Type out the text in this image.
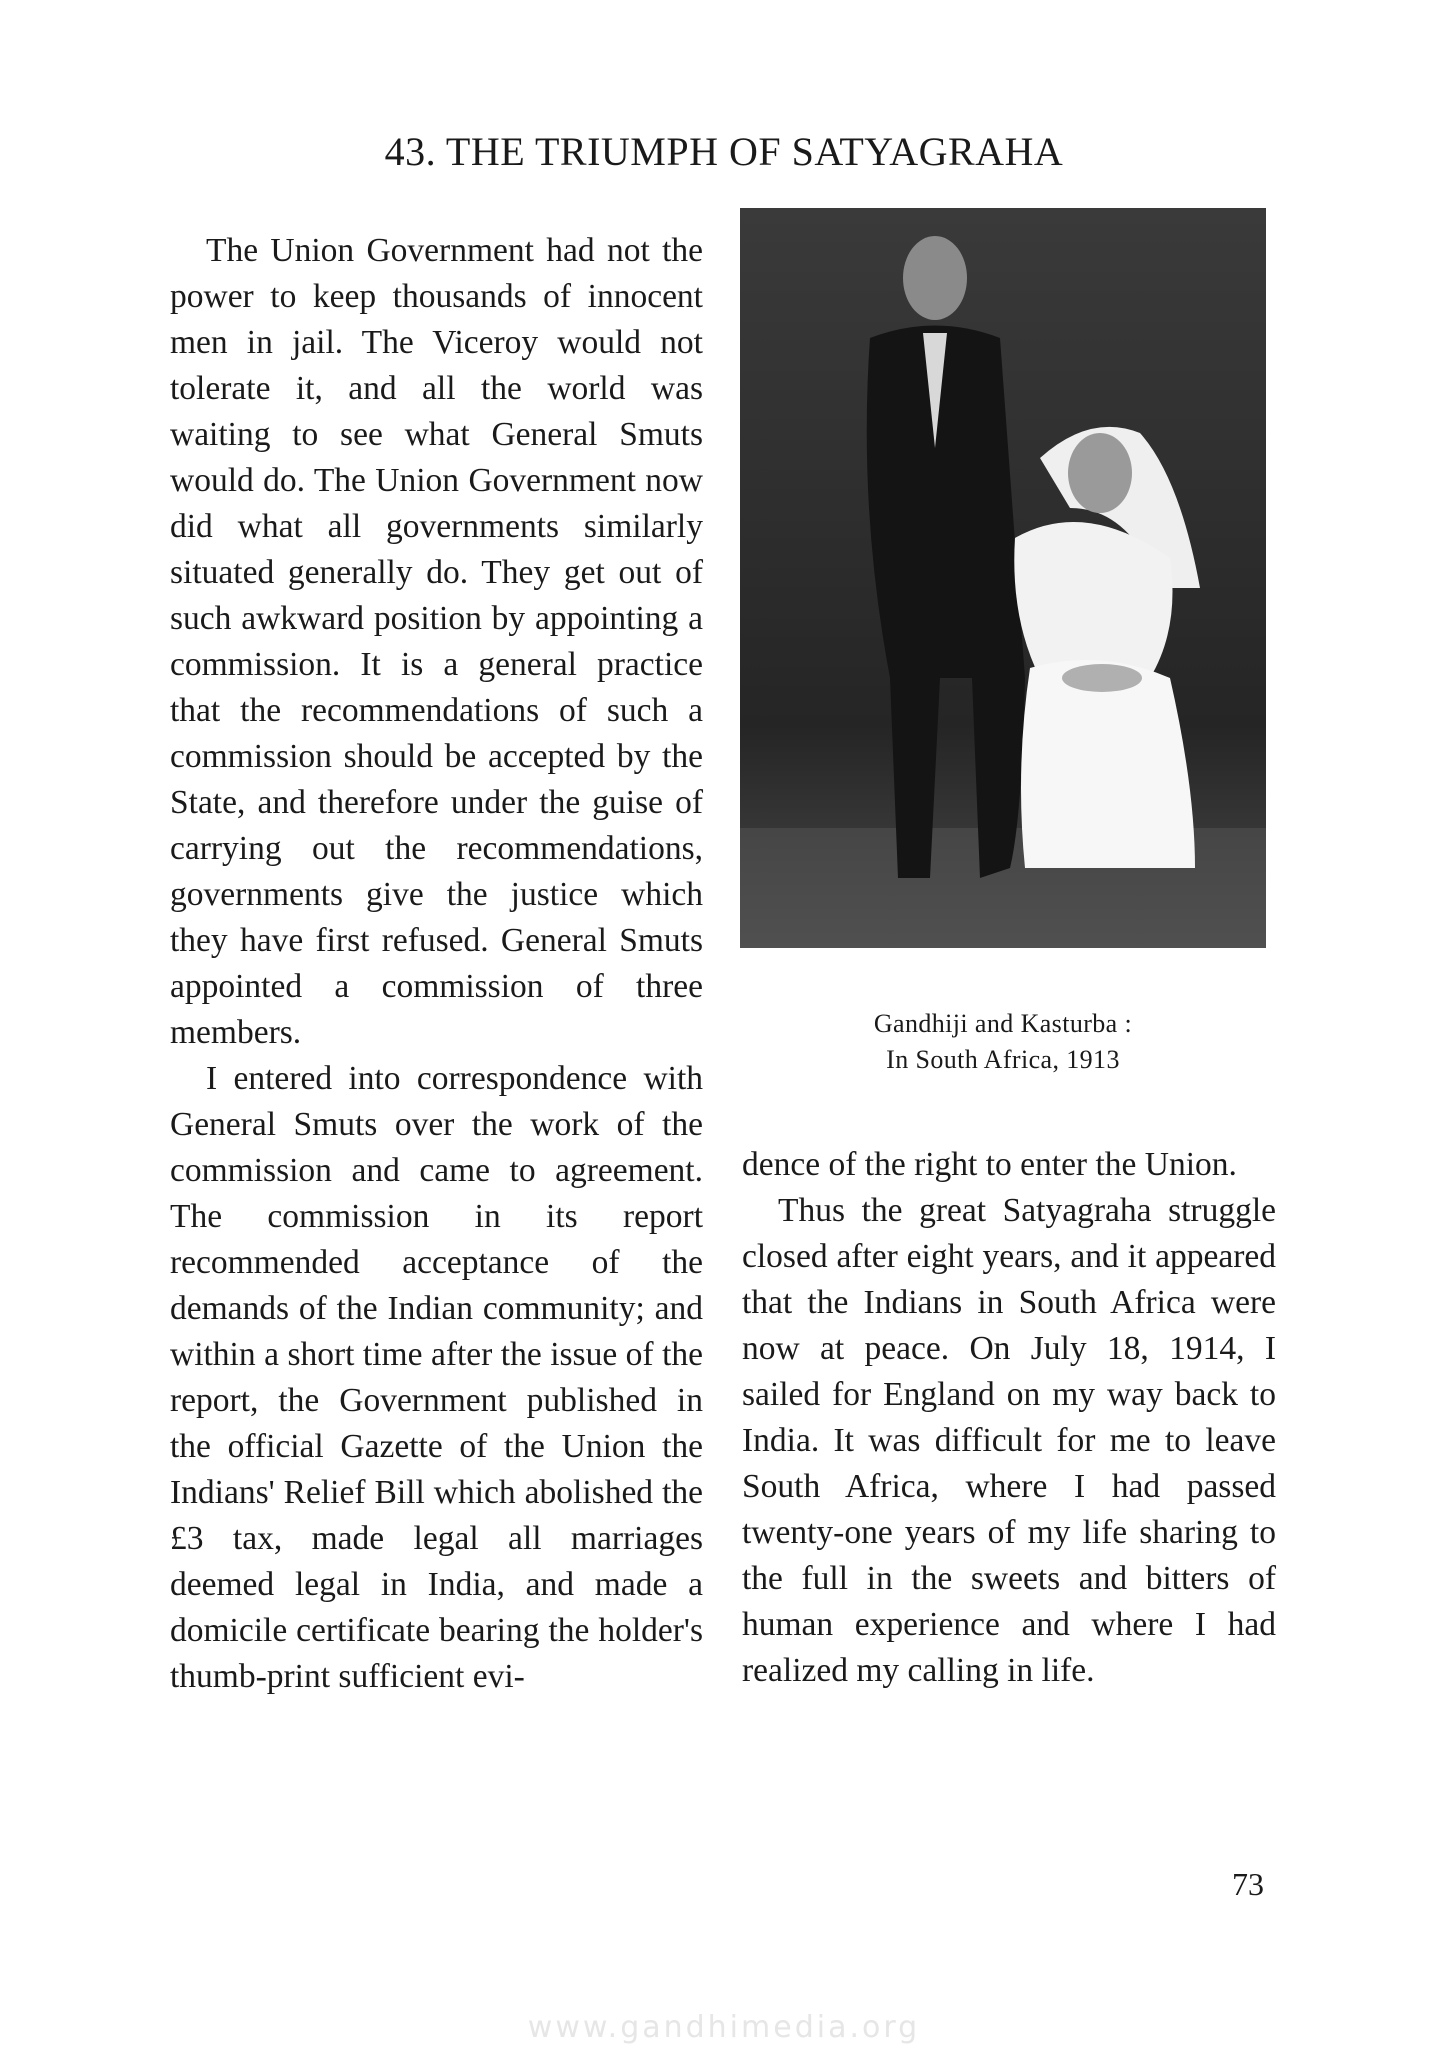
43. THE TRIUMPH OF SATYAGRAHA

The Union Government had not the power to keep thousands of innocent men in jail. The Viceroy would not tolerate it, and all the world was waiting to see what General Smuts would do. The Union Government now did what all governments similarly situated generally do. They get out of such awkward position by appointing a commission. It is a general practice that the recommendations of such a commission should be accepted by the State, and therefore under the guise of carrying out the recommendations, governments give the justice which they have first refused. General Smuts appointed a commission of three members.

I entered into correspondence with General Smuts over the work of the commission and came to agreement. The commission in its report recommended acceptance of the demands of the Indian community; and within a short time after the issue of the report, the Government published in the official Gazette of the Union the Indians' Relief Bill which abolished the £3 tax, made legal all marriages deemed legal in India, and made a domicile certificate bearing the holder's thumb-print sufficient evi-

Gandhiji and Kasturba :
In South Africa, 1913

dence of the right to enter the Union.

Thus the great Satyagraha struggle closed after eight years, and it appeared that the Indians in South Africa were now at peace. On July 18, 1914, I sailed for England on my way back to India. It was difficult for me to leave South Africa, where I had passed twenty-one years of my life sharing to the full in the sweets and bitters of human experience and where I had realized my calling in life.

73
www.gandhimedia.org
